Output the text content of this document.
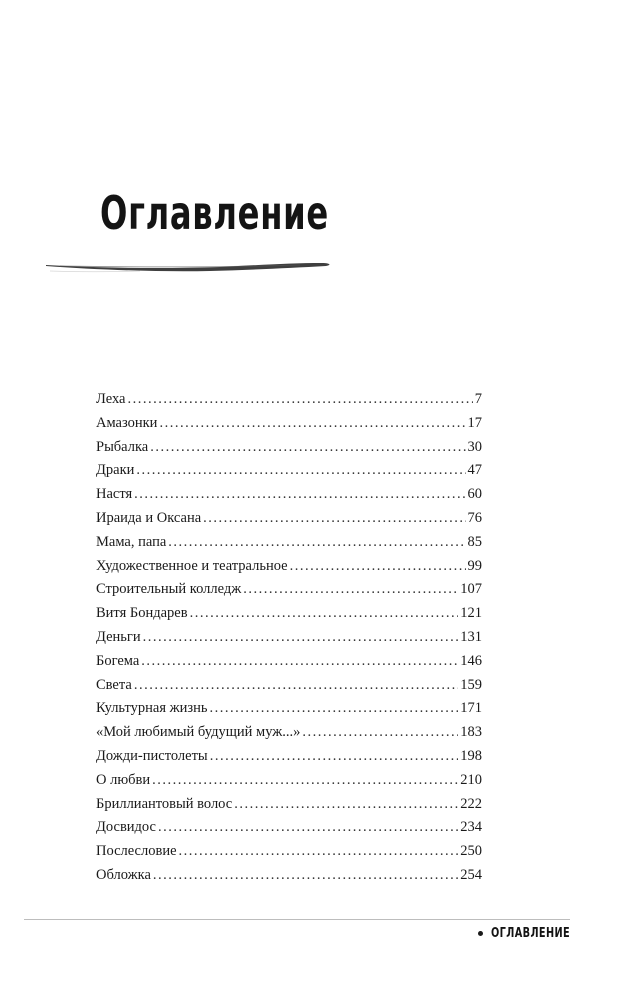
Оглавление
Леха .....	7
Амазонки .....	17
Рыбалка .....	30
Драки .....	47
Настя .....	60
Ираида и Оксана .....	76
Мама, папа .....	85
Художественное и театральное .....	99
Строительный колледж .....	107
Витя Бондарев .....	121
Деньги .....	131
Богема .....	146
Света .....	159
Культурная жизнь .....	171
«Мой любимый будущий муж...» .....	183
Дожди-пистолеты .....	198
О любви .....	210
Бриллиантовый волос .....	222
Досвидос .....	234
Послесловие .....	250
Обложка .....	254
ОГЛАВЛЕНИЕ
